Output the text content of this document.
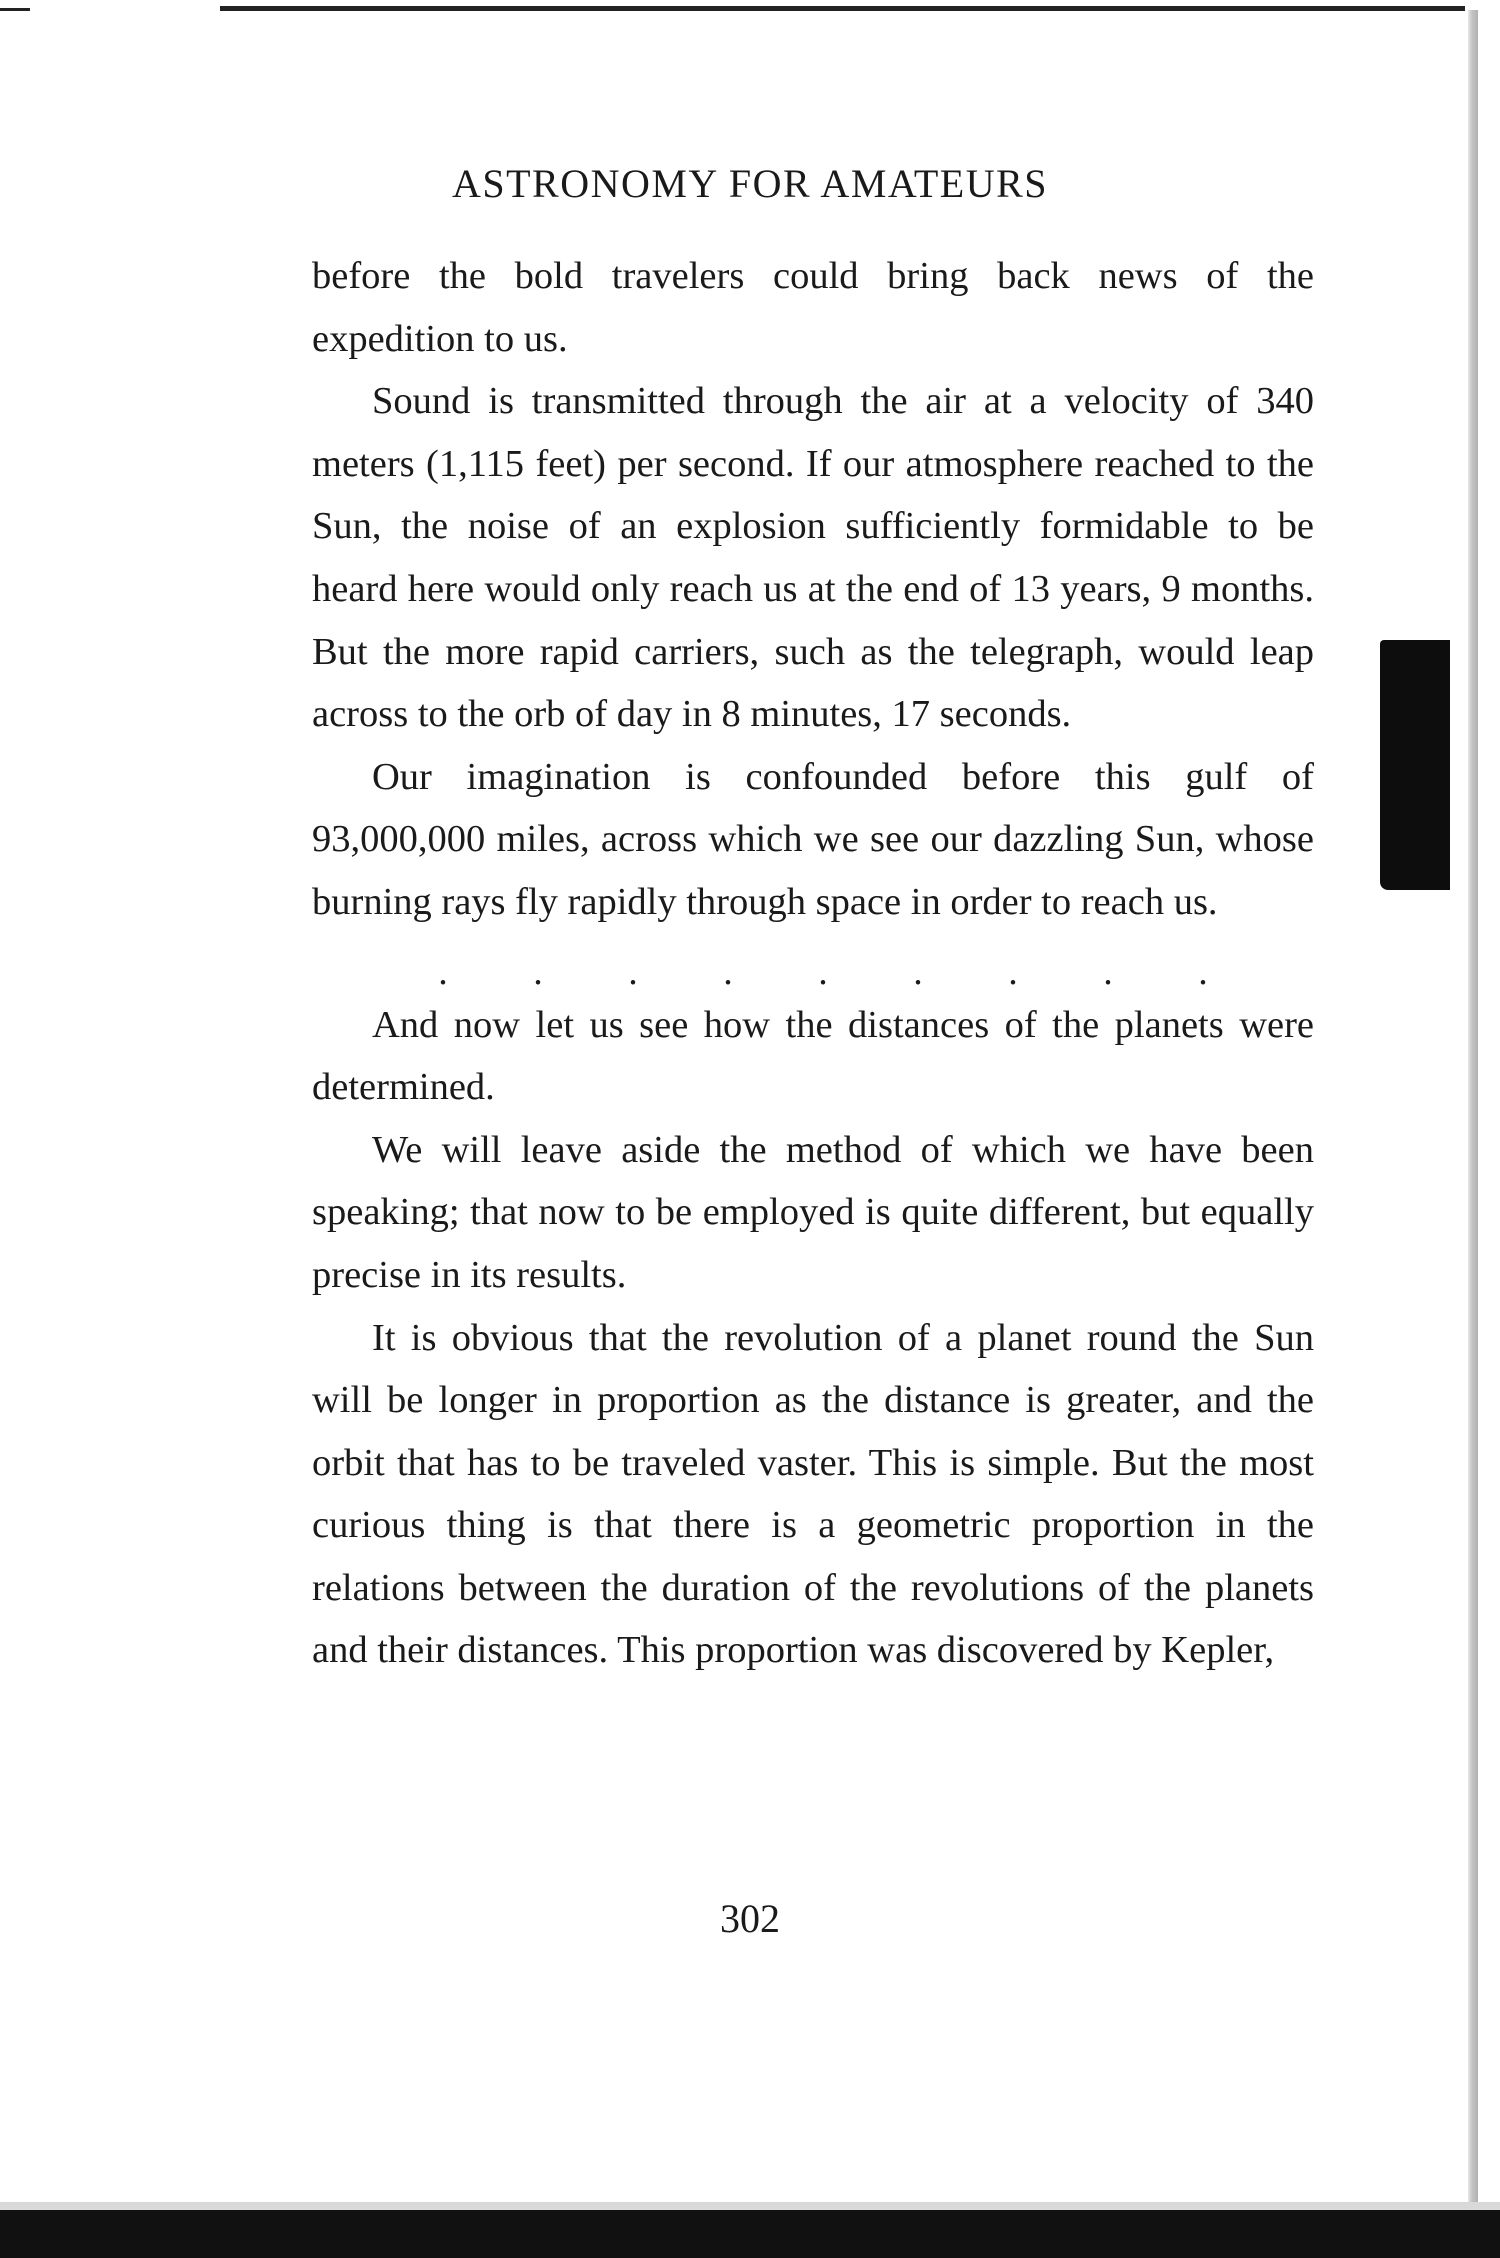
ASTRONOMY FOR AMATEURS

before the bold travelers could bring back news of the expedition to us.

Sound is transmitted through the air at a velocity of 340 meters (1,115 feet) per second. If our atmosphere reached to the Sun, the noise of an explosion sufficiently formidable to be heard here would only reach us at the end of 13 years, 9 months. But the more rapid carriers, such as the telegraph, would leap across to the orb of day in 8 minutes, 17 seconds.

Our imagination is confounded before this gulf of 93,000,000 miles, across which we see our dazzling Sun, whose burning rays fly rapidly through space in order to reach us.

. . . . . . . . .

And now let us see how the distances of the planets were determined.

We will leave aside the method of which we have been speaking; that now to be employed is quite different, but equally precise in its results.

It is obvious that the revolution of a planet round the Sun will be longer in proportion as the distance is greater, and the orbit that has to be traveled vaster. This is simple. But the most curious thing is that there is a geometric proportion in the relations between the duration of the revolutions of the planets and their distances. This proportion was discovered by Kepler,

302
